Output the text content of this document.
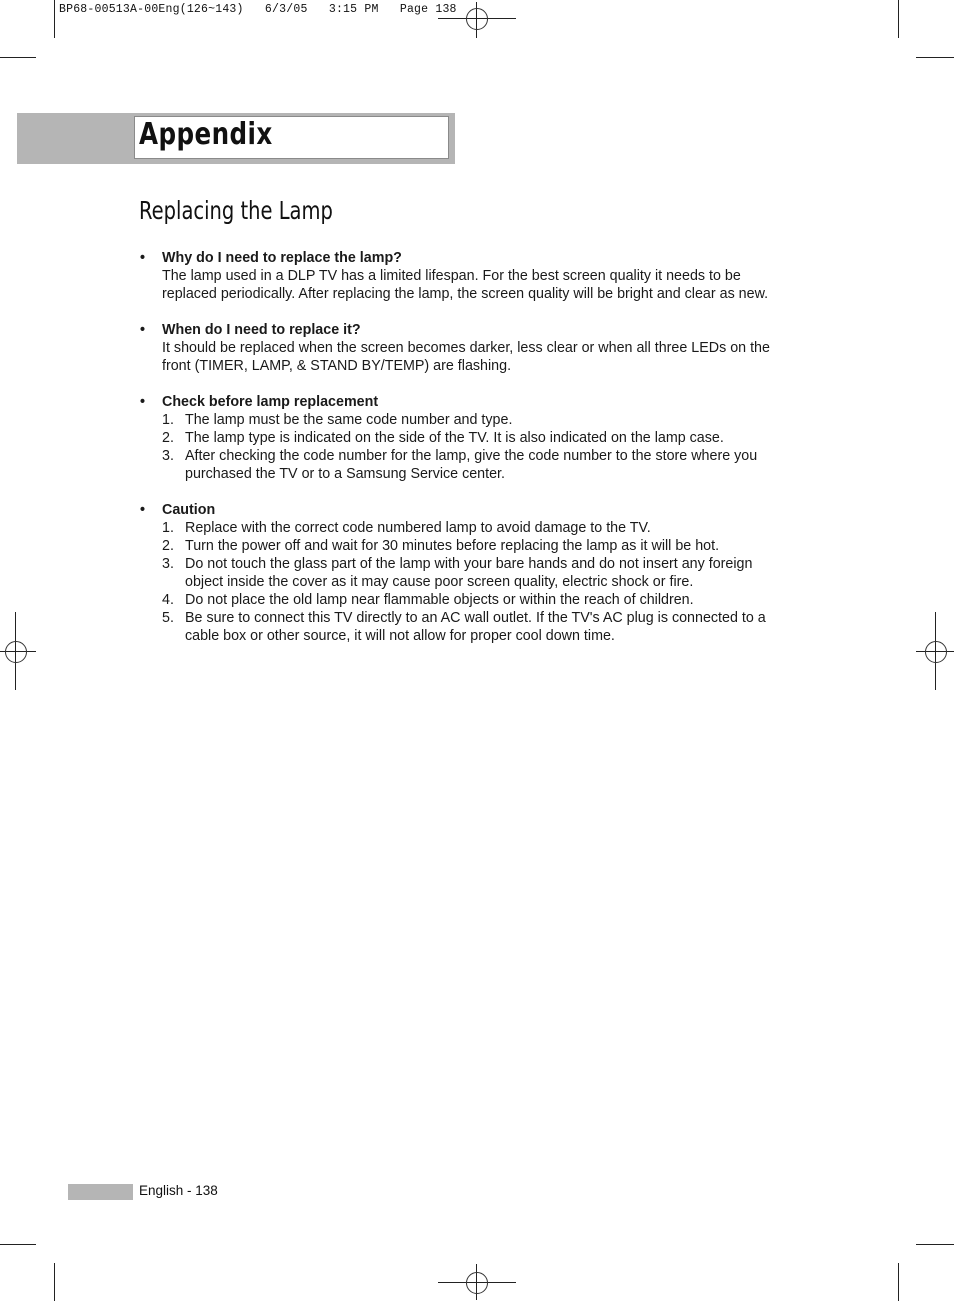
BP68-00513A-00Eng(126~143)   6/3/05   3:15 PM   Page 138
Appendix
Replacing the Lamp
• Why do I need to replace the lamp?
The lamp used in a DLP TV has a limited lifespan. For the best screen quality it needs to be
replaced periodically. After replacing the lamp, the screen quality will be bright and clear as new.
• When do I need to replace it?
It should be replaced when the screen becomes darker, less clear or when all three LEDs on the
front (TIMER, LAMP, & STAND BY/TEMP) are flashing.
• Check before lamp replacement
1. The lamp must be the same code number and type.
2. The lamp type is indicated on the side of the TV. It is also indicated on the lamp case.
3. After checking the code number for the lamp, give the code number to the store where you
purchased the TV or to a Samsung Service center.
• Caution
1. Replace with the correct code numbered lamp to avoid damage to the TV.
2. Turn the power off and wait for 30 minutes before replacing the lamp as it will be hot.
3. Do not touch the glass part of the lamp with your bare hands and do not insert any foreign
object inside the cover as it may cause poor screen quality, electric shock or fire.
4. Do not place the old lamp near flammable objects or within the reach of children.
5. Be sure to connect this TV directly to an AC wall outlet. If the TV's AC plug is connected to a
cable box or other source, it will not allow for proper cool down time.
English - 138
